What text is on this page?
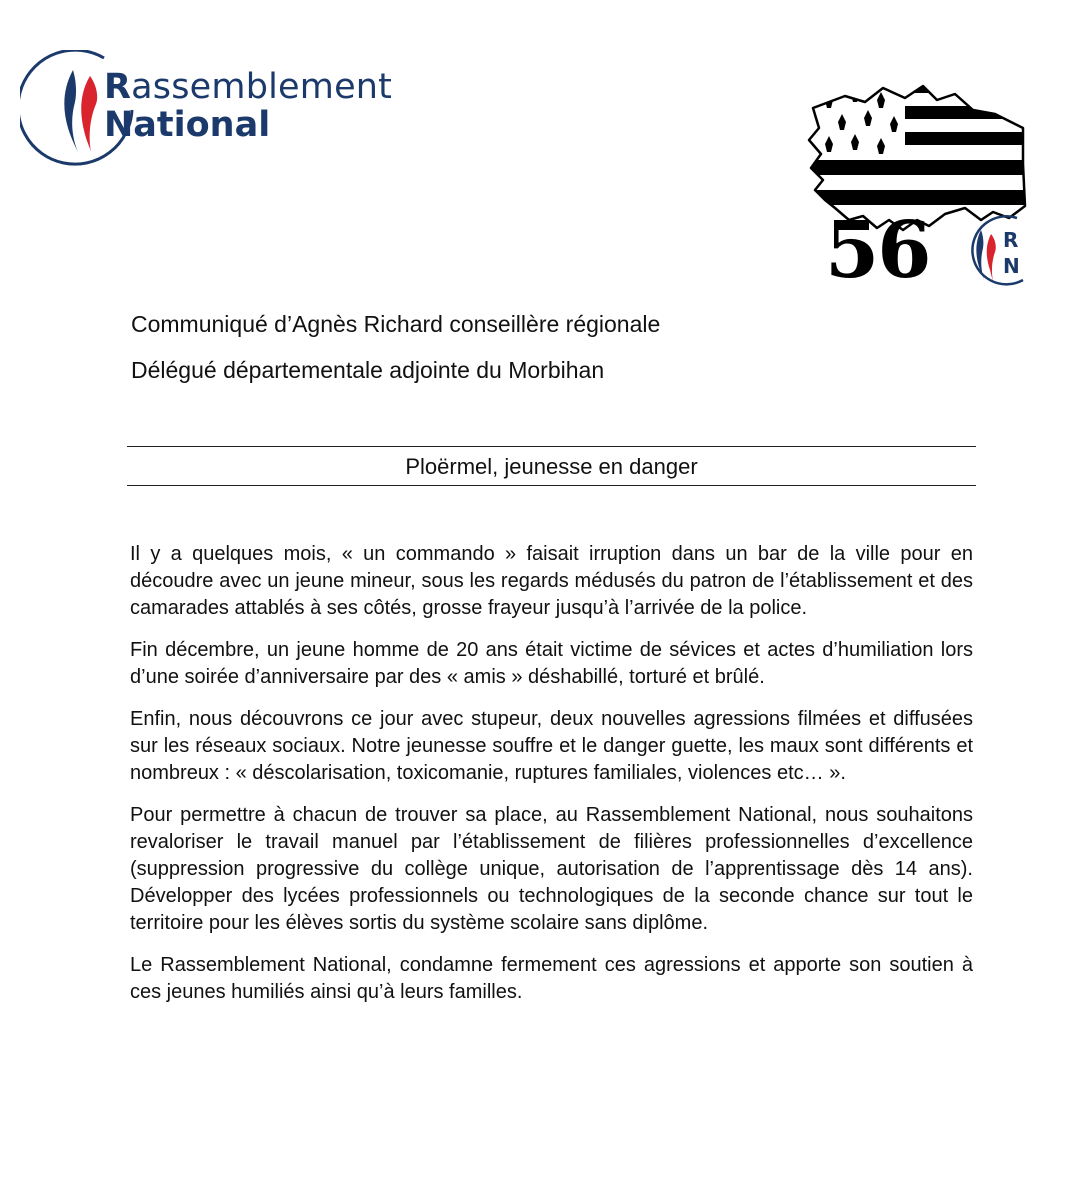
Rassemblement
National
56	R
N
Communiqué d’Agnès Richard conseillère régionale
Délégué départementale adjointe du Morbihan
Ploërmel, jeunesse en danger

Il y a quelques mois, « un commando » faisait irruption dans un bar de la ville pour en découdre avec un jeune mineur, sous les regards médusés du patron de l’établissement et des camarades attablés à ses côtés, grosse frayeur jusqu’à l’arrivée de la police.

Fin décembre, un jeune homme de 20 ans était victime de sévices et actes d’humiliation lors d’une soirée d’anniversaire par des « amis » déshabillé, torturé et brûlé.

Enfin, nous découvrons ce jour avec stupeur, deux nouvelles agressions filmées et diffusées sur les réseaux sociaux. Notre jeunesse souffre et le danger guette, les maux sont différents et nombreux : « déscolarisation, toxicomanie, ruptures familiales, violences etc… ».

Pour permettre à chacun de trouver sa place, au Rassemblement National, nous souhaitons revaloriser le travail manuel par l’établissement de filières professionnelles d’excellence (suppression progressive du collège unique, autorisation de l’apprentissage dès 14 ans). Développer des lycées professionnels ou technologiques de la seconde chance sur tout le territoire pour les élèves sortis du système scolaire sans diplôme.

Le Rassemblement National, condamne fermement ces agressions et apporte son soutien à ces jeunes humiliés ainsi qu’à leurs familles.
